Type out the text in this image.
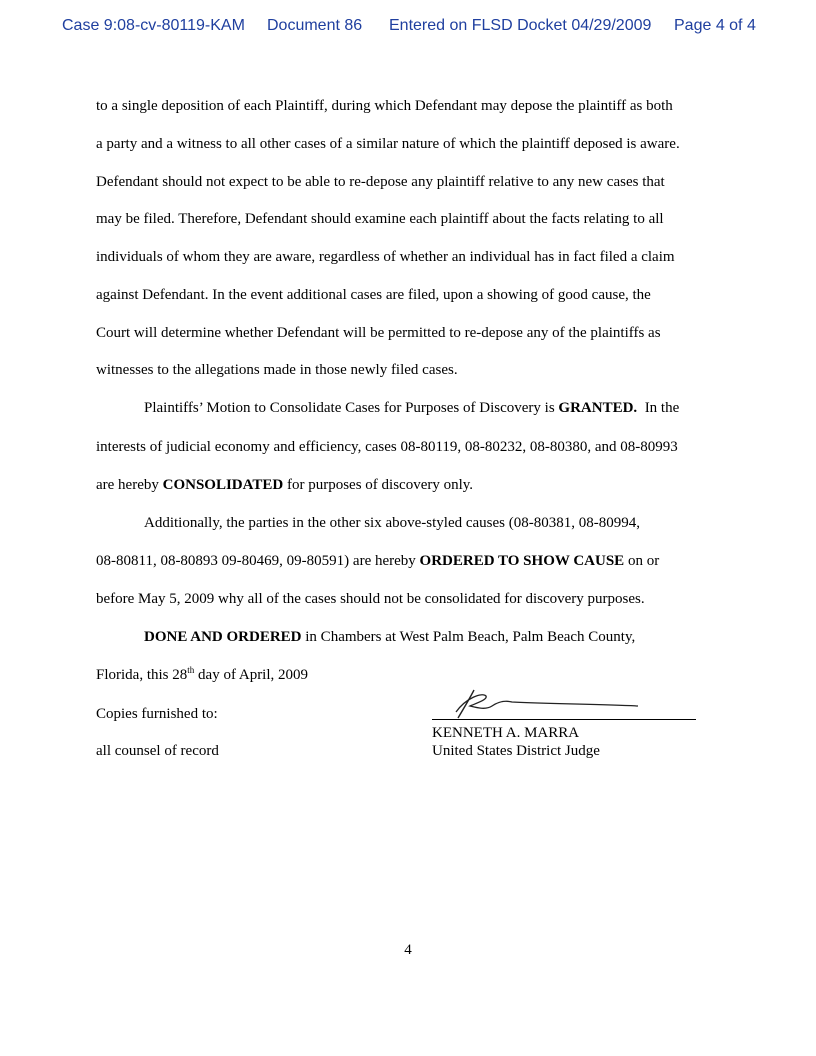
Case 9:08-cv-80119-KAM Document 86 Entered on FLSD Docket 04/29/2009 Page 4 of 4
to a single deposition of each Plaintiff, during which Defendant may depose the plaintiff as both
a party and a witness to all other cases of a similar nature of which the plaintiff deposed is aware.
Defendant should not expect to be able to re-depose any plaintiff relative to any new cases that
may be filed. Therefore, Defendant should examine each plaintiff about the facts relating to all
individuals of whom they are aware, regardless of whether an individual has in fact filed a claim
against Defendant. In the event additional cases are filed, upon a showing of good cause, the
Court will determine whether Defendant will be permitted to re-depose any of the plaintiffs as
witnesses to the allegations made in those newly filed cases.
Plaintiffs’ Motion to Consolidate Cases for Purposes of Discovery is GRANTED.  In the
interests of judicial economy and efficiency, cases 08-80119, 08-80232, 08-80380, and 08-80993
are hereby CONSOLIDATED for purposes of discovery only.
Additionally, the parties in the other six above-styled causes (08-80381, 08-80994,
08-80811, 08-80893 09-80469, 09-80591) are hereby ORDERED TO SHOW CAUSE on or
before May 5, 2009 why all of the cases should not be consolidated for discovery purposes.
DONE AND ORDERED in Chambers at West Palm Beach, Palm Beach County,
Florida, this 28th day of April, 2009
Copies furnished to:
all counsel of record
KENNETH A. MARRA
United States District Judge
4
